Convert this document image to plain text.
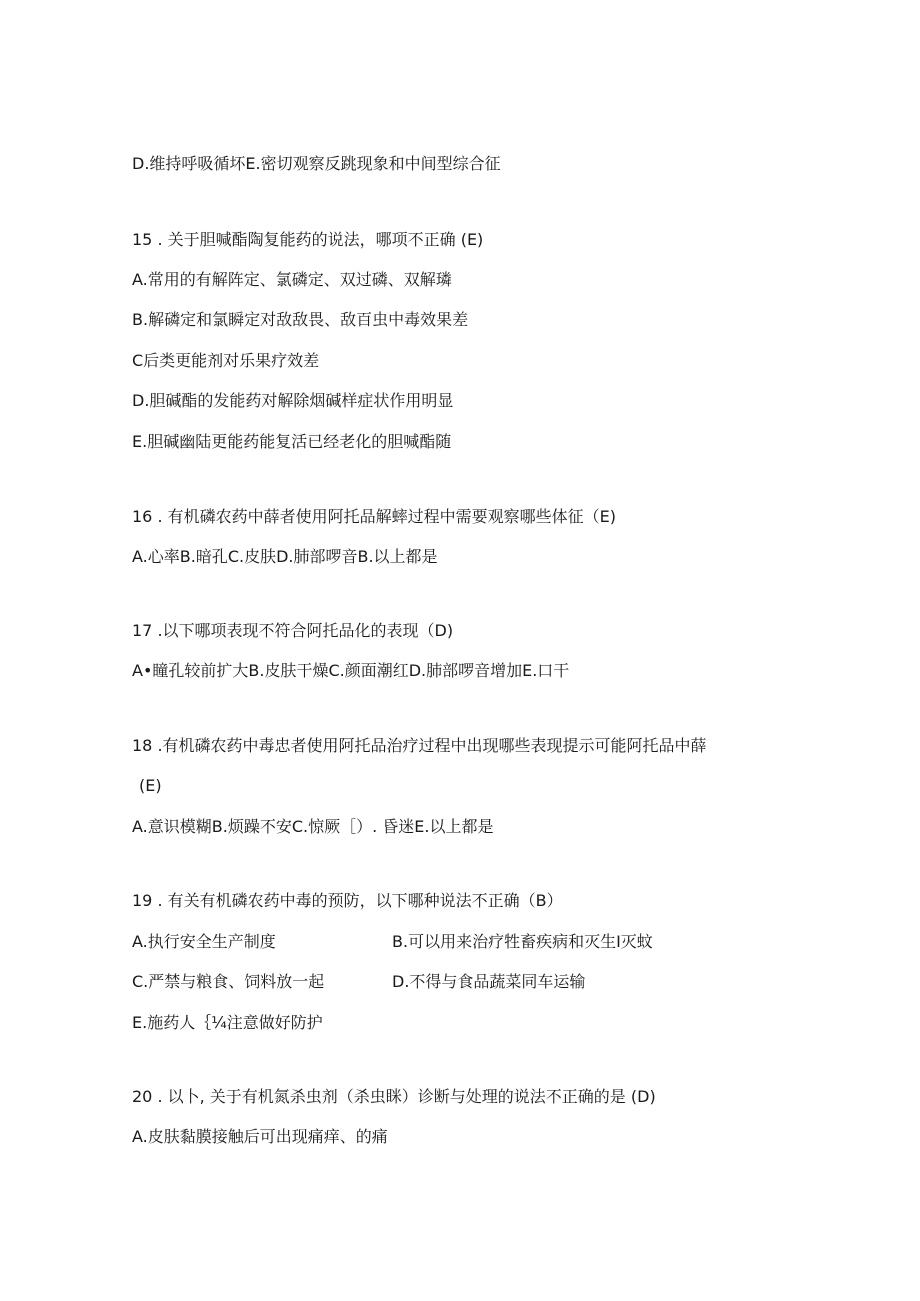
D.维持呼吸循坏E.密切观察反跳现象和中间型综合征
15 . 关于胆喊酯陶复能药的说法，哪项不正确 (E)
A.常用的有解阵定、氯磷定、双过磷、双解璘
B.解磷定和氯瞬定对敌敌畏、敌百虫中毒效果差
C后类更能剂对乐果疗效差
D.胆碱酯的发能药对解除烟碱样症状作用明显
E.胆碱幽陆更能药能复活已经老化的胆喊酯随
16 . 有机磷农药中薛者使用阿托品解蟀过程中需要观察哪些体征（E)
A.心率B.暗孔C.皮肤D.肺部啰音B.以上都是
17 .以下哪项表现不符合阿托品化的表现（D)
A•瞳孔较前扩大B.皮肤干燥C.颜面潮红D.肺部啰音增加E.口干
18 .有机磷农药中毒忠者使用阿托品治疗过程中出现哪些表现提示可能阿托品中薛
(E)
A.意识模糊B.烦躁不安C.惊厥［）. 昏迷E.以上都是
19 . 有关有机磷农药中毒的预防，以下哪种说法不正确（B）
A.执行安全生产制度	B.可以用来治疗牲畜疾病和灭生I灭蚊
C.严禁与粮食、饲料放一起	D.不得与食品蔬菜同车运输
E.施药人｛¼注意做好防护
20 . 以卜, 关于有机氮杀虫剂（杀虫眯）诊断与处理的说法不正确的是 (D)
A.皮肤黏膜接触后可出现痛痒、的痛
